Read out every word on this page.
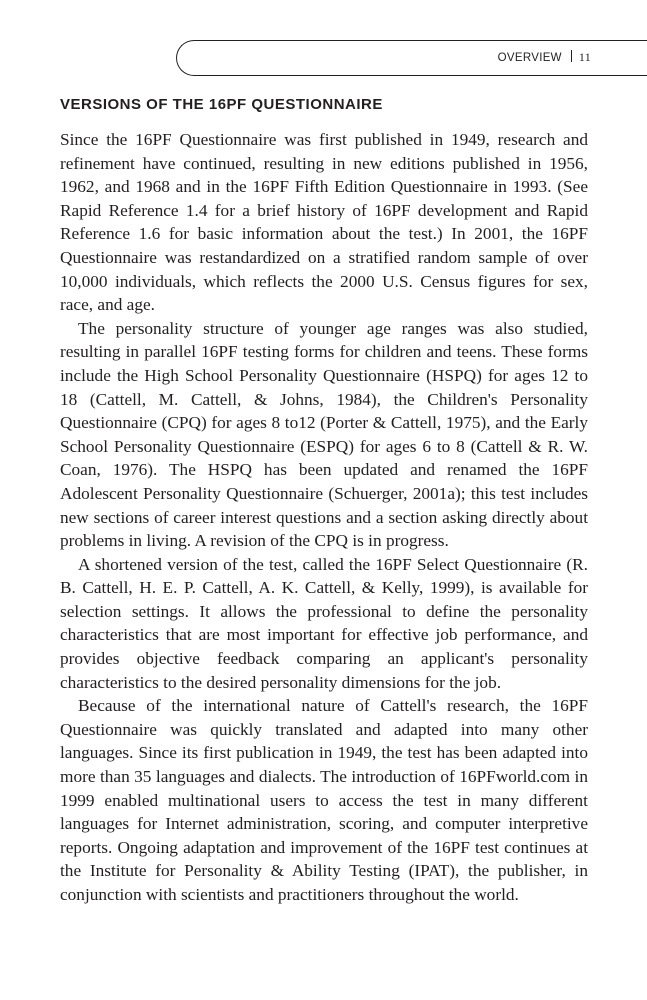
OVERVIEW 11
VERSIONS OF THE 16PF QUESTIONNAIRE

Since the 16PF Questionnaire was first published in 1949, research and refinement have continued, resulting in new editions published in 1956, 1962, and 1968 and in the 16PF Fifth Edition Questionnaire in 1993. (See Rapid Reference 1.4 for a brief history of 16PF development and Rapid Reference 1.6 for basic information about the test.) In 2001, the 16PF Questionnaire was restandardized on a stratified random sample of over 10,000 individuals, which reflects the 2000 U.S. Census figures for sex, race, and age.

The personality structure of younger age ranges was also studied, resulting in parallel 16PF testing forms for children and teens. These forms include the High School Personality Questionnaire (HSPQ) for ages 12 to 18 (Cattell, M. Cattell, & Johns, 1984), the Children's Personality Questionnaire (CPQ) for ages 8 to12 (Porter & Cattell, 1975), and the Early School Personality Questionnaire (ESPQ) for ages 6 to 8 (Cattell & R. W. Coan, 1976). The HSPQ has been updated and renamed the 16PF Adolescent Personality Questionnaire (Schuerger, 2001a); this test includes new sections of career interest questions and a section asking directly about problems in living. A revision of the CPQ is in progress.

A shortened version of the test, called the 16PF Select Questionnaire (R. B. Cattell, H. E. P. Cattell, A. K. Cattell, & Kelly, 1999), is available for selection settings. It allows the professional to define the personality characteristics that are most important for effective job performance, and provides objective feedback comparing an applicant's personality characteristics to the desired personality dimensions for the job.

Because of the international nature of Cattell's research, the 16PF Questionnaire was quickly translated and adapted into many other languages. Since its first publication in 1949, the test has been adapted into more than 35 languages and dialects. The introduction of 16PFworld.com in 1999 enabled multinational users to access the test in many different languages for Internet administration, scoring, and computer interpretive reports. Ongoing adaptation and improvement of the 16PF test continues at the Institute for Personality & Ability Testing (IPAT), the publisher, in conjunction with scientists and practitioners throughout the world.
